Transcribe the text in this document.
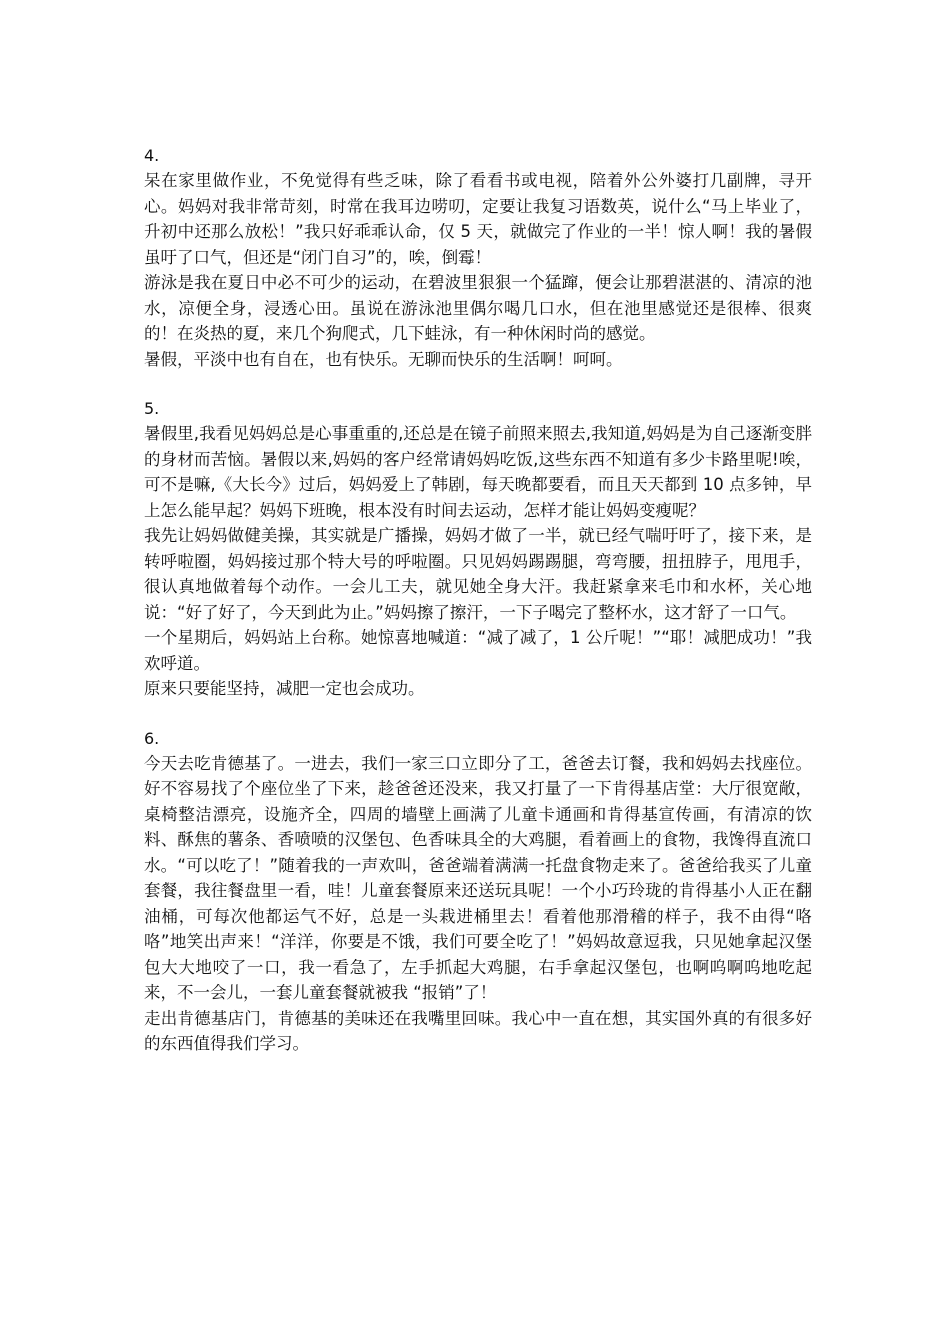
4.

呆在家里做作业，不免觉得有些乏味，除了看看书或电视，陪着外公外婆打几副牌，寻开心。妈妈对我非常苛刻，时常在我耳边唠叨，定要让我复习语数英，说什么“马上毕业了，升初中还那么放松！”我只好乖乖认命，仅 5 天，就做完了作业的一半！惊人啊！我的暑假虽吁了口气，但还是“闭门自习”的，唉，倒霉！

游泳是我在夏日中必不可少的运动，在碧波里狠狠一个猛蹿，便会让那碧湛湛的、清凉的池水，凉便全身，浸透心田。虽说在游泳池里偶尔喝几口水，但在池里感觉还是很棒、很爽的！在炎热的夏，来几个狗爬式，几下蛙泳，有一种休闲时尚的感觉。

暑假，平淡中也有自在，也有快乐。无聊而快乐的生活啊！呵呵。

5.

暑假里,我看见妈妈总是心事重重的,还总是在镜子前照来照去,我知道,妈妈是为自己逐渐变胖的身材而苦恼。暑假以来,妈妈的客户经常请妈妈吃饭,这些东西不知道有多少卡路里呢!唉，可不是嘛,《大长今》过后，妈妈爱上了韩剧，每天晚都要看，而且天天都到 10 点多钟，早上怎么能早起？妈妈下班晚，根本没有时间去运动，怎样才能让妈妈变瘦呢？

我先让妈妈做健美操，其实就是广播操，妈妈才做了一半，就已经气喘吁吁了，接下来，是转呼啦圈，妈妈接过那个特大号的呼啦圈。只见妈妈踢踢腿，弯弯腰，扭扭脖子，甩甩手，很认真地做着每个动作。一会儿工夫，就见她全身大汗。我赶紧拿来毛巾和水杯，关心地说：“好了好了，今天到此为止。”妈妈擦了擦汗，一下子喝完了整杯水，这才舒了一口气。

一个星期后，妈妈站上台称。她惊喜地喊道：“减了减了，1 公斤呢！”“耶！减肥成功！”我欢呼道。

原来只要能坚持，减肥一定也会成功。

6.

今天去吃肯德基了。一进去，我们一家三口立即分了工，爸爸去订餐，我和妈妈去找座位。好不容易找了个座位坐了下来，趁爸爸还没来，我又打量了一下肯得基店堂：大厅很宽敞，桌椅整洁漂亮，设施齐全，四周的墙壁上画满了儿童卡通画和肯得基宣传画，有清凉的饮料、酥焦的薯条、香喷喷的汉堡包、色香味具全的大鸡腿，看着画上的食物，我馋得直流口水。“可以吃了！”随着我的一声欢叫，爸爸端着满满一托盘食物走来了。爸爸给我买了儿童套餐，我往餐盘里一看，哇！儿童套餐原来还送玩具呢！一个小巧玲珑的肯得基小人正在翻油桶，可每次他都运气不好，总是一头栽进桶里去！看着他那滑稽的样子，我不由得“咯咯”地笑出声来！“洋洋，你要是不饿，我们可要全吃了！”妈妈故意逗我，只见她拿起汉堡包大大地咬了一口，我一看急了，左手抓起大鸡腿，右手拿起汉堡包，也啊呜啊呜地吃起来，不一会儿，一套儿童套餐就被我 “报销”了！

走出肯德基店门，肯德基的美味还在我嘴里回味。我心中一直在想，其实国外真的有很多好的东西值得我们学习。
